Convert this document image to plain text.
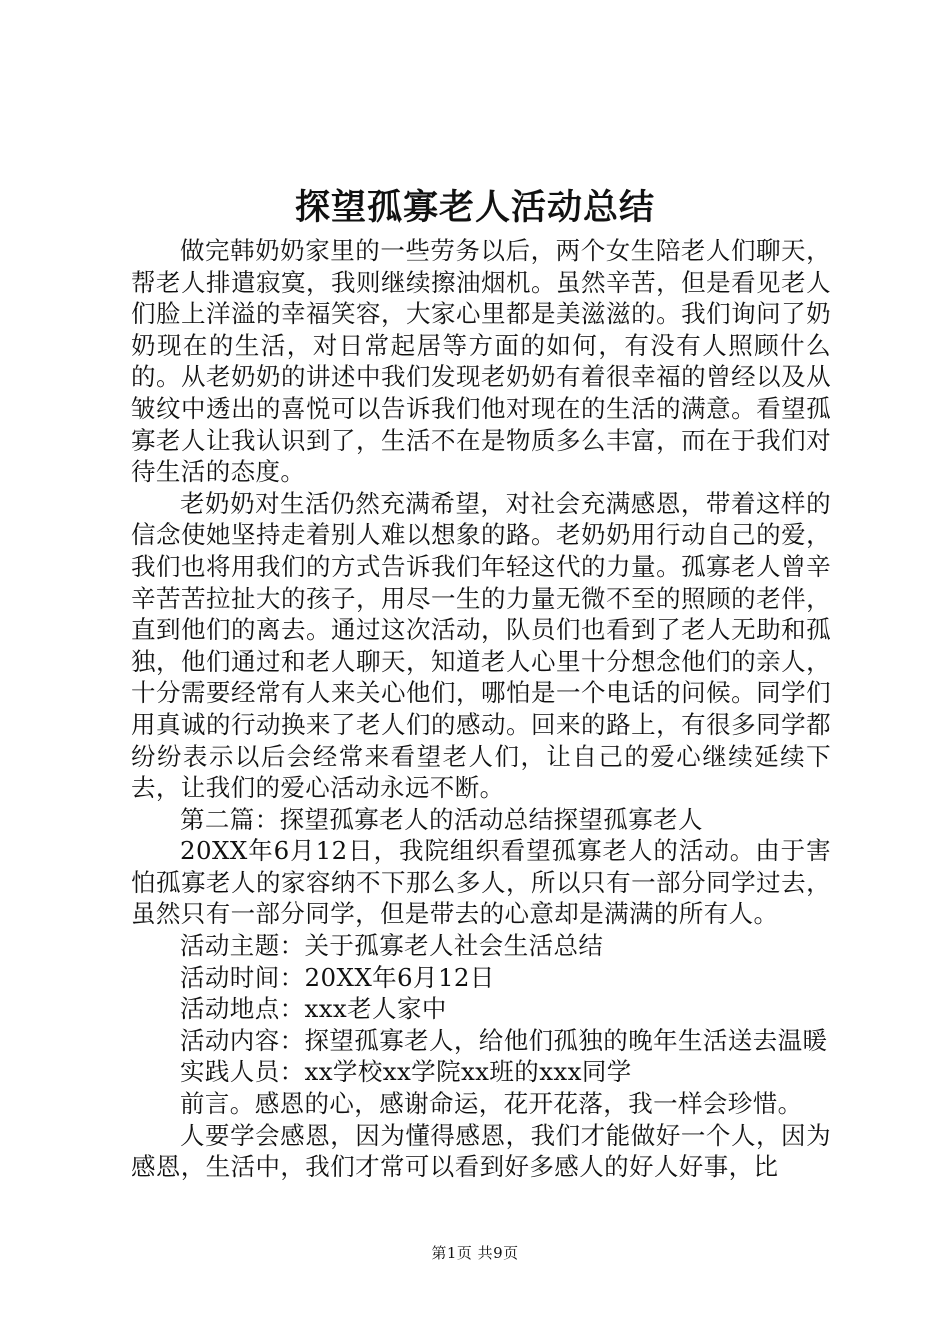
探望孤寡老人活动总结

做完韩奶奶家里的一些劳务以后，两个女生陪老人们聊天，帮老人排遣寂寞，我则继续擦油烟机。虽然辛苦，但是看见老人们脸上洋溢的幸福笑容，大家心里都是美滋滋的。我们询问了奶奶现在的生活，对日常起居等方面的如何，有没有人照顾什么的。从老奶奶的讲述中我们发现老奶奶有着很幸福的曾经以及从皱纹中透出的喜悦可以告诉我们他对现在的生活的满意。看望孤寡老人让我认识到了，生活不在是物质多么丰富，而在于我们对待生活的态度。

老奶奶对生活仍然充满希望，对社会充满感恩，带着这样的信念使她坚持走着别人难以想象的路。老奶奶用行动自己的爱，我们也将用我们的方式告诉我们年轻这代的力量。孤寡老人曾辛辛苦苦拉扯大的孩子，用尽一生的力量无微不至的照顾的老伴，直到他们的离去。通过这次活动，队员们也看到了老人无助和孤独，他们通过和老人聊天，知道老人心里十分想念他们的亲人，十分需要经常有人来关心他们，哪怕是一个电话的问候。同学们用真诚的行动换来了老人们的感动。回来的路上，有很多同学都纷纷表示以后会经常来看望老人们，让自己的爱心继续延续下去，让我们的爱心活动永远不断。

第二篇：探望孤寡老人的活动总结探望孤寡老人

20XX年6月12日，我院组织看望孤寡老人的活动。由于害怕孤寡老人的家容纳不下那么多人，所以只有一部分同学过去，虽然只有一部分同学，但是带去的心意却是满满的所有人。

活动主题：关于孤寡老人社会生活总结

活动时间：20XX年6月12日

活动地点：xxx老人家中

活动内容：探望孤寡老人，给他们孤独的晚年生活送去温暖

实践人员：xx学校xx学院xx班的xxx同学

前言。感恩的心，感谢命运，花开花落，我一样会珍惜。

人要学会感恩，因为懂得感恩，我们才能做好一个人，因为感恩，生活中，我们才常可以看到好多感人的好人好事，比

第1页 共9页
